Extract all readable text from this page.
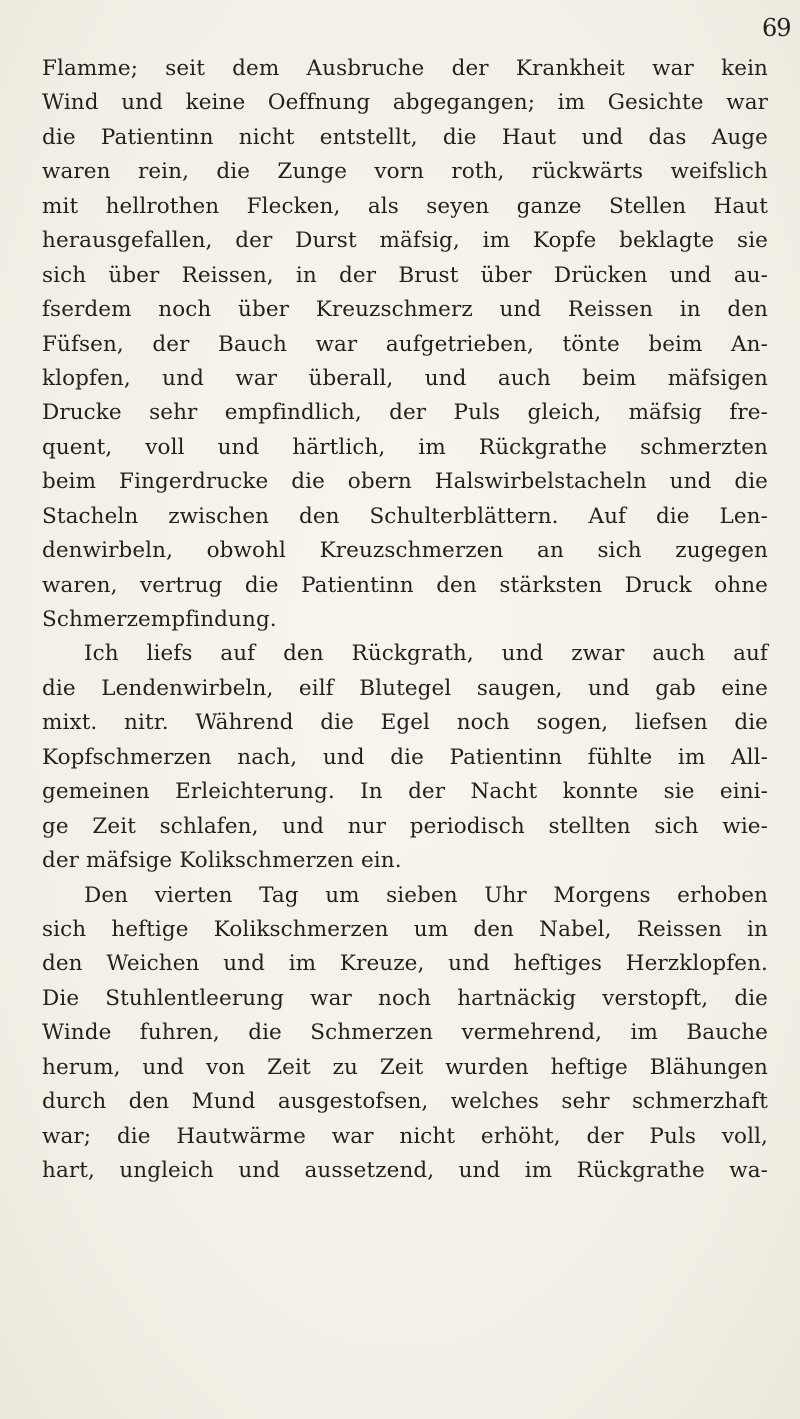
69
Flamme; seit dem Ausbruche der Krankheit war kein
Wind und keine Oeffnung abgegangen; im Gesichte war
die Patientinn nicht entstellt, die Haut und das Auge
waren rein, die Zunge vorn roth, rückwärts weifslich
mit hellrothen Flecken, als seyen ganze Stellen Haut
herausgefallen, der Durst mäfsig, im Kopfe beklagte sie
sich über Reissen, in der Brust über Drücken und au-
fserdem noch über Kreuzschmerz und Reissen in den
Füfsen, der Bauch war aufgetrieben, tönte beim An-
klopfen, und war überall, und auch beim mäfsigen
Drucke sehr empfindlich, der Puls gleich, mäfsig fre-
quent, voll und härtlich, im Rückgrathe schmerzten
beim Fingerdrucke die obern Halswirbelstacheln und die
Stacheln zwischen den Schulterblättern. Auf die Len-
denwirbeln, obwohl Kreuzschmerzen an sich zugegen
waren, vertrug die Patientinn den stärksten Druck ohne
Schmerzempfindung.
Ich liefs auf den Rückgrath, und zwar auch auf
die Lendenwirbeln, eilf Blutegel saugen, und gab eine
mixt. nitr. Während die Egel noch sogen, liefsen die
Kopfschmerzen nach, und die Patientinn fühlte im All-
gemeinen Erleichterung. In der Nacht konnte sie eini-
ge Zeit schlafen, und nur periodisch stellten sich wie-
der mäfsige Kolikschmerzen ein.
Den vierten Tag um sieben Uhr Morgens erhoben
sich heftige Kolikschmerzen um den Nabel, Reissen in
den Weichen und im Kreuze, und heftiges Herzklopfen.
Die Stuhlentleerung war noch hartnäckig verstopft, die
Winde fuhren, die Schmerzen vermehrend, im Bauche
herum, und von Zeit zu Zeit wurden heftige Blähungen
durch den Mund ausgestofsen, welches sehr schmerzhaft
war; die Hautwärme war nicht erhöht, der Puls voll,
hart, ungleich und aussetzend, und im Rückgrathe wa-
